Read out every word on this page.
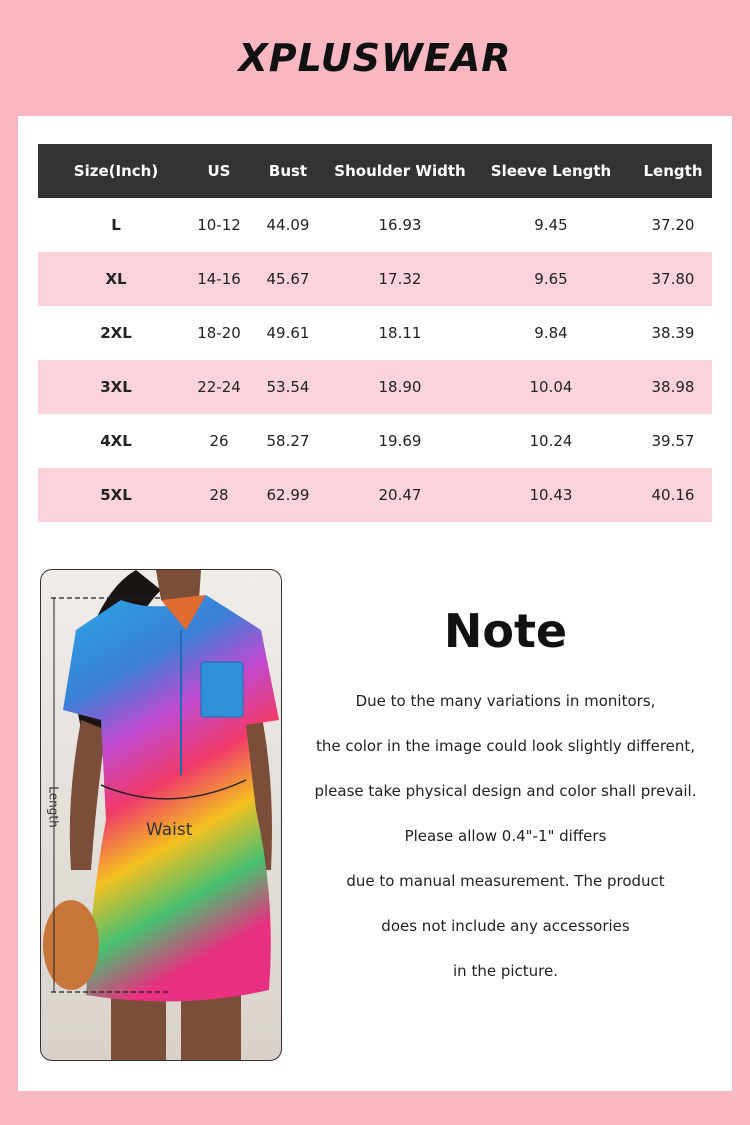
XPLUSWEAR
Size(Inch)	US	Bust	Shoulder Width	Sleeve Length	Length
L	10-12	44.09	16.93	9.45	37.20
XL	14-16	45.67	17.32	9.65	37.80
2XL	18-20	49.61	18.11	9.84	38.39
3XL	22-24	53.54	18.90	10.04	38.98
4XL	26	58.27	19.69	10.24	39.57
5XL	28	62.99	20.47	10.43	40.16
Length
Waist
Note
Due to the many variations in monitors,
the color in the image could look slightly different,
please take physical design and color shall prevail.
Please allow 0.4"-1" differs
due to manual measurement. The product
does not include any accessories
in the picture.
